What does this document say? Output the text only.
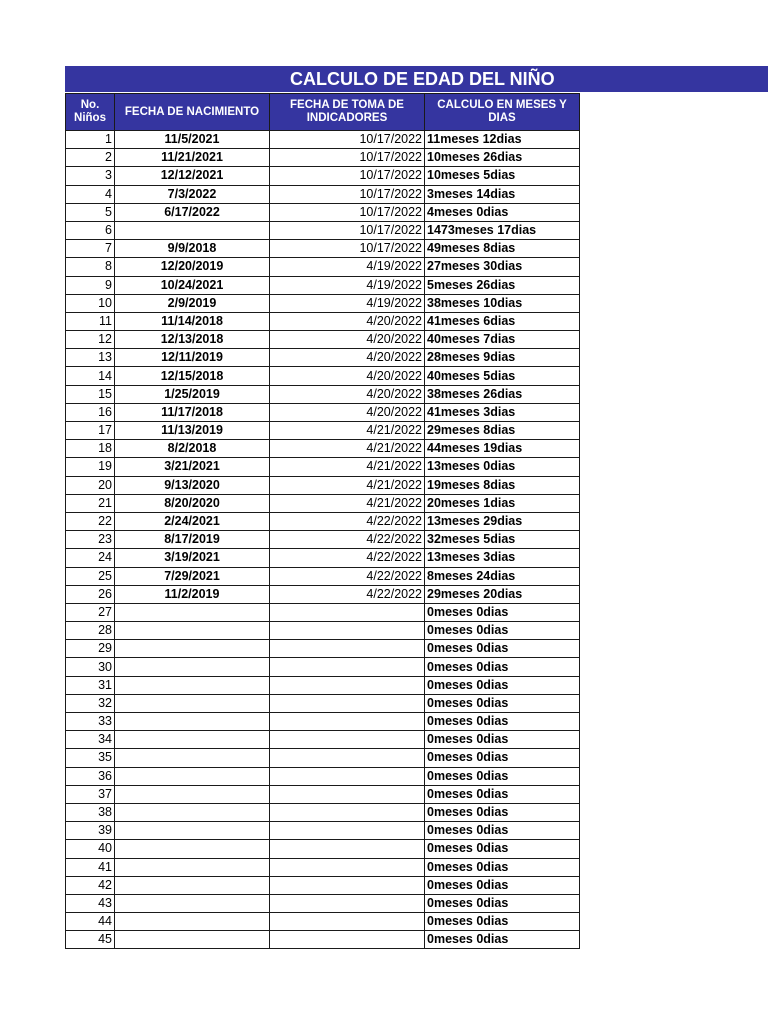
CALCULO DE EDAD DEL NIÑO
No. Niños	FECHA DE NACIMIENTO	FECHA DE TOMA DE INDICADORES	CALCULO EN MESES Y DIAS
1	11/5/2021	10/17/2022	11meses 12dias
2	11/21/2021	10/17/2022	10meses 26dias
3	12/12/2021	10/17/2022	10meses 5dias
4	7/3/2022	10/17/2022	3meses 14dias
5	6/17/2022	10/17/2022	4meses 0dias
6		10/17/2022	1473meses 17dias
7	9/9/2018	10/17/2022	49meses 8dias
8	12/20/2019	4/19/2022	27meses 30dias
9	10/24/2021	4/19/2022	5meses 26dias
10	2/9/2019	4/19/2022	38meses 10dias
11	11/14/2018	4/20/2022	41meses 6dias
12	12/13/2018	4/20/2022	40meses 7dias
13	12/11/2019	4/20/2022	28meses 9dias
14	12/15/2018	4/20/2022	40meses 5dias
15	1/25/2019	4/20/2022	38meses 26dias
16	11/17/2018	4/20/2022	41meses 3dias
17	11/13/2019	4/21/2022	29meses 8dias
18	8/2/2018	4/21/2022	44meses 19dias
19	3/21/2021	4/21/2022	13meses 0dias
20	9/13/2020	4/21/2022	19meses 8dias
21	8/20/2020	4/21/2022	20meses 1dias
22	2/24/2021	4/22/2022	13meses 29dias
23	8/17/2019	4/22/2022	32meses 5dias
24	3/19/2021	4/22/2022	13meses 3dias
25	7/29/2021	4/22/2022	8meses 24dias
26	11/2/2019	4/22/2022	29meses 20dias
27			0meses 0dias
28			0meses 0dias
29			0meses 0dias
30			0meses 0dias
31			0meses 0dias
32			0meses 0dias
33			0meses 0dias
34			0meses 0dias
35			0meses 0dias
36			0meses 0dias
37			0meses 0dias
38			0meses 0dias
39			0meses 0dias
40			0meses 0dias
41			0meses 0dias
42			0meses 0dias
43			0meses 0dias
44			0meses 0dias
45			0meses 0dias
